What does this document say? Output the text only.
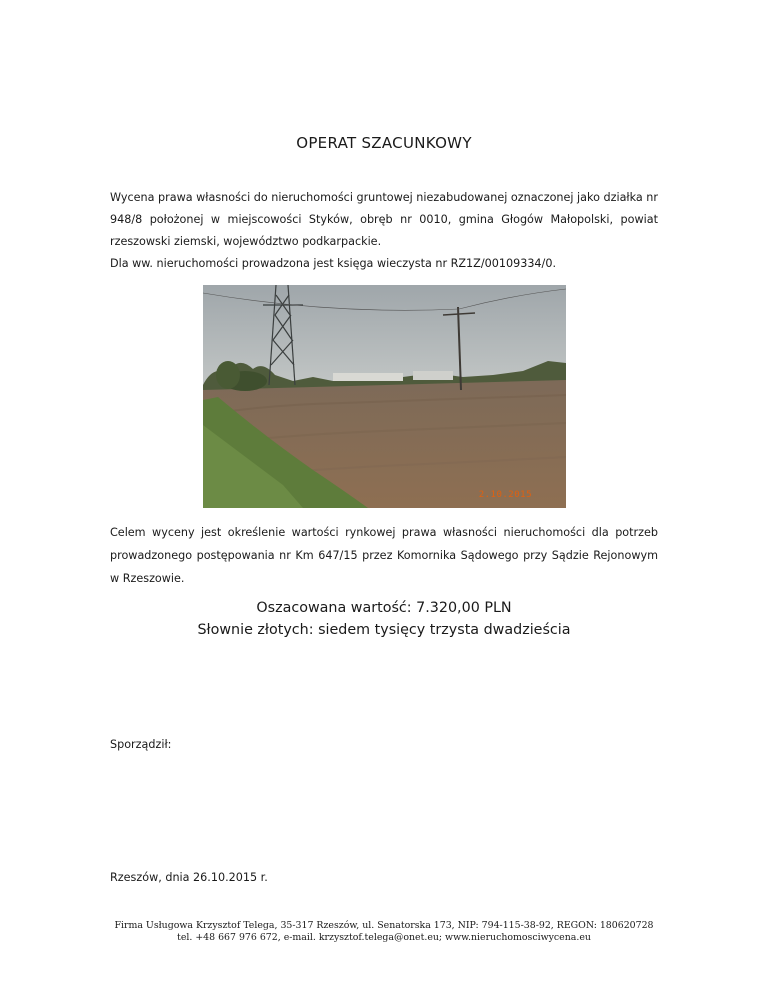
OPERAT SZACUNKOWY

Wycena prawa własności do nieruchomości gruntowej niezabudowanej oznaczonej jako działka nr 948/8 położonej w miejscowości Styków, obręb nr 0010, gmina Głogów Małopolski, powiat rzeszowski ziemski, województwo podkarpackie.

Dla ww. nieruchomości prowadzona jest księga wieczysta nr RZ1Z/00109334/0.

2.10.2015
Celem wyceny jest określenie wartości rynkowej prawa własności nieruchomości dla potrzeb prowadzonego postępowania nr Km 647/15 przez Komornika Sądowego przy Sądzie Rejonowym w Rzeszowie.
Oszacowana wartość: 7.320,00 PLN
Słownie złotych: siedem tysięcy trzysta dwadzieścia
Sporządził:
Rzeszów, dnia 26.10.2015 r.
Firma Usługowa Krzysztof Telega, 35-317 Rzeszów, ul. Senatorska 173, NIP: 794-115-38-92, REGON: 180620728
tel. +48 667 976 672, e-mail. krzysztof.telega@onet.eu; www.nieruchomosciwycena.eu
